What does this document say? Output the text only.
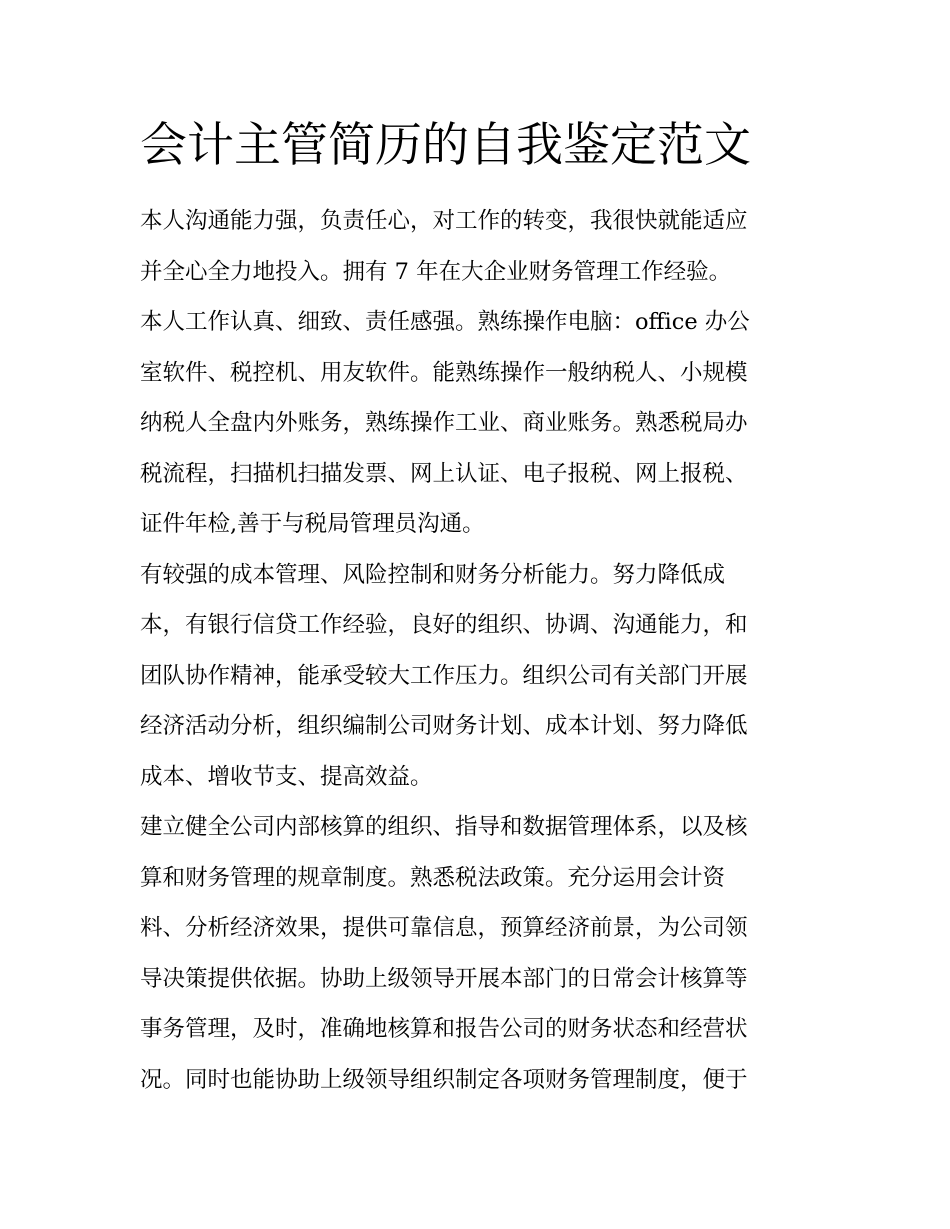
会计主管简历的自我鉴定范文
本人沟通能力强，负责任心，对工作的转变，我很快就能适应
并全心全力地投入。拥有 7 年在大企业财务管理工作经验。
本人工作认真、细致、责任感强。熟练操作电脑：office 办公
室软件、税控机、用友软件。能熟练操作一般纳税人、小规模
纳税人全盘内外账务，熟练操作工业、商业账务。熟悉税局办
税流程，扫描机扫描发票、网上认证、电子报税、网上报税、
证件年检,善于与税局管理员沟通。
有较强的成本管理、风险控制和财务分析能力。努力降低成
本，有银行信贷工作经验，良好的组织、协调、沟通能力，和
团队协作精神，能承受较大工作压力。组织公司有关部门开展
经济活动分析，组织编制公司财务计划、成本计划、努力降低
成本、增收节支、提高效益。
建立健全公司内部核算的组织、指导和数据管理体系，以及核
算和财务管理的规章制度。熟悉税法政策。充分运用会计资
料、分析经济效果，提供可靠信息，预算经济前景，为公司领
导决策提供依据。协助上级领导开展本部门的日常会计核算等
事务管理，及时，准确地核算和报告公司的财务状态和经营状
况。同时也能协助上级领导组织制定各项财务管理制度，便于
